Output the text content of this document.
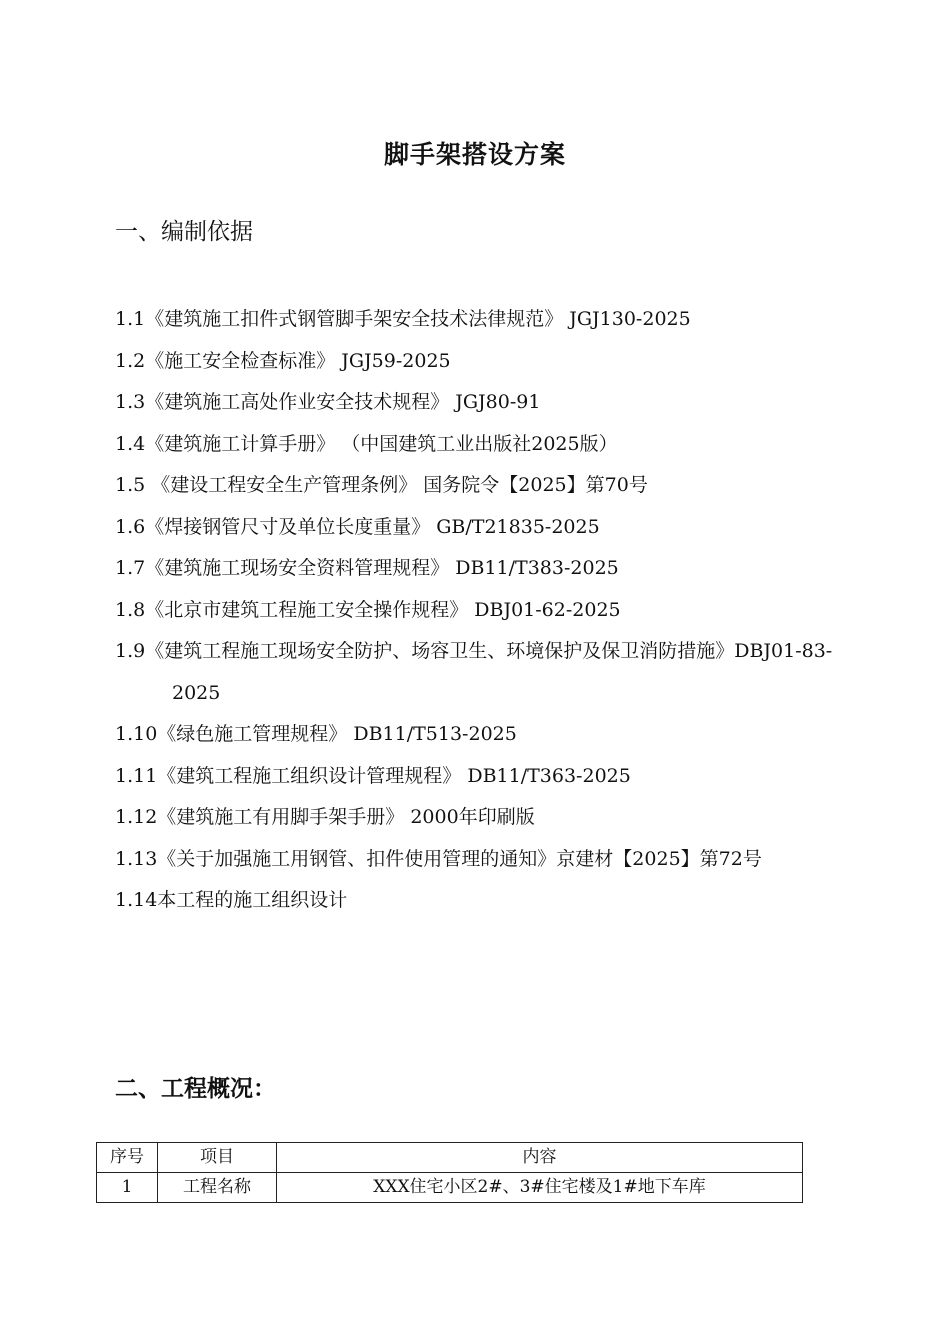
脚手架搭设方案
一、编制依据
1.1《建筑施工扣件式钢管脚手架安全技术法律规范》 JGJ130-2025
1.2《施工安全检查标准》 JGJ59-2025
1.3《建筑施工高处作业安全技术规程》 JGJ80-91
1.4《建筑施工计算手册》 （中国建筑工业出版社2025版）
1.5 《建设工程安全生产管理条例》 国务院令【2025】第70号
1.6《焊接钢管尺寸及单位长度重量》 GB/T21835-2025
1.7《建筑施工现场安全资料管理规程》 DB11/T383-2025
1.8《北京市建筑工程施工安全操作规程》 DBJ01-62-2025
1.9《建筑工程施工现场安全防护、场容卫生、环境保护及保卫消防措施》DBJ01-83-2025
1.10《绿色施工管理规程》 DB11/T513-2025
1.11《建筑工程施工组织设计管理规程》 DB11/T363-2025
1.12《建筑施工有用脚手架手册》 2000年印刷版
1.13《关于加强施工用钢管、扣件使用管理的通知》京建材【2025】第72号
1.14本工程的施工组织设计
二、工程概况：
序号	项目	内容
1	工程名称	XXX住宅小区2#、3#住宅楼及1#地下车库
